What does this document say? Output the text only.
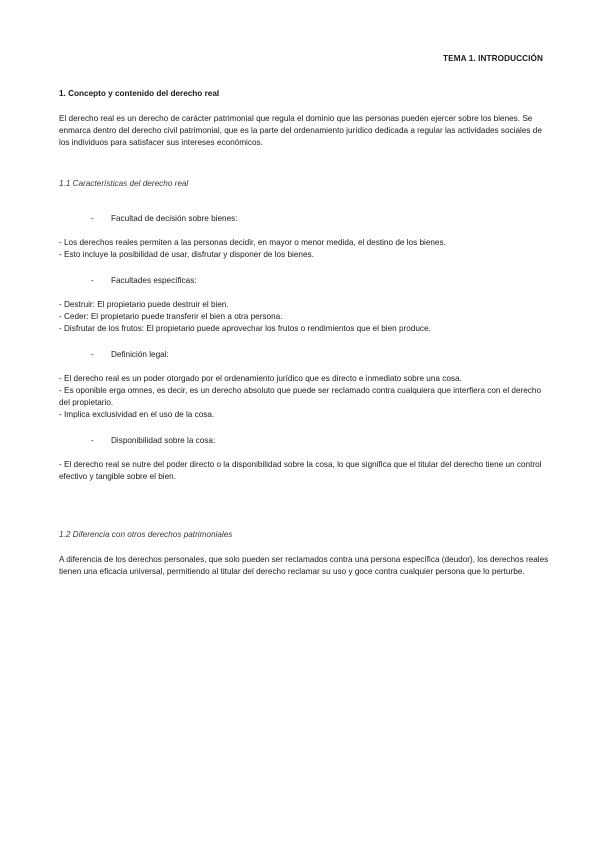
TEMA 1. INTRODUCCIÓN
1. Concepto y contenido del derecho real

El derecho real es un derecho de carácter patrimonial que regula el dominio que las personas pueden ejercer sobre los bienes. Se enmarca dentro del derecho civil patrimonial, que es la parte del ordenamiento jurídico dedicada a regular las actividades sociales de los individuos para satisfacer sus intereses económicos.

1.1 Características del derecho real
Facultad de decisión sobre bienes:
- Los derechos reales permiten a las personas decidir, en mayor o menor medida, el destino de los bienes.
- Esto incluye la posibilidad de usar, disfrutar y disponer de los bienes.
Facultades específicas:
- Destruir: El propietario puede destruir el bien.
- Ceder: El propietario puede transferir el bien a otra persona.
- Disfrutar de los frutos: El propietario puede aprovechar los frutos o rendimientos que el bien produce.
Definición legal:
- El derecho real es un poder otorgado por el ordenamiento jurídico que es directo e inmediato sobre una cosa.
- Es oponible erga omnes, es decir, es un derecho absoluto que puede ser reclamado contra cualquiera que interfiera con el derecho del propietario.
- Implica exclusividad en el uso de la cosa.
Disponibilidad sobre la cosa:
- El derecho real se nutre del poder directo o la disponibilidad sobre la cosa, lo que significa que el titular del derecho tiene un control efectivo y tangible sobre el bien.
1.2 Diferencia con otros derechos patrimoniales

A diferencia de los derechos personales, que solo pueden ser reclamados contra una persona específica (deudor), los derechos reales tienen una eficacia universal, permitiendo al titular del derecho reclamar su uso y goce contra cualquier persona que lo perturbe.
